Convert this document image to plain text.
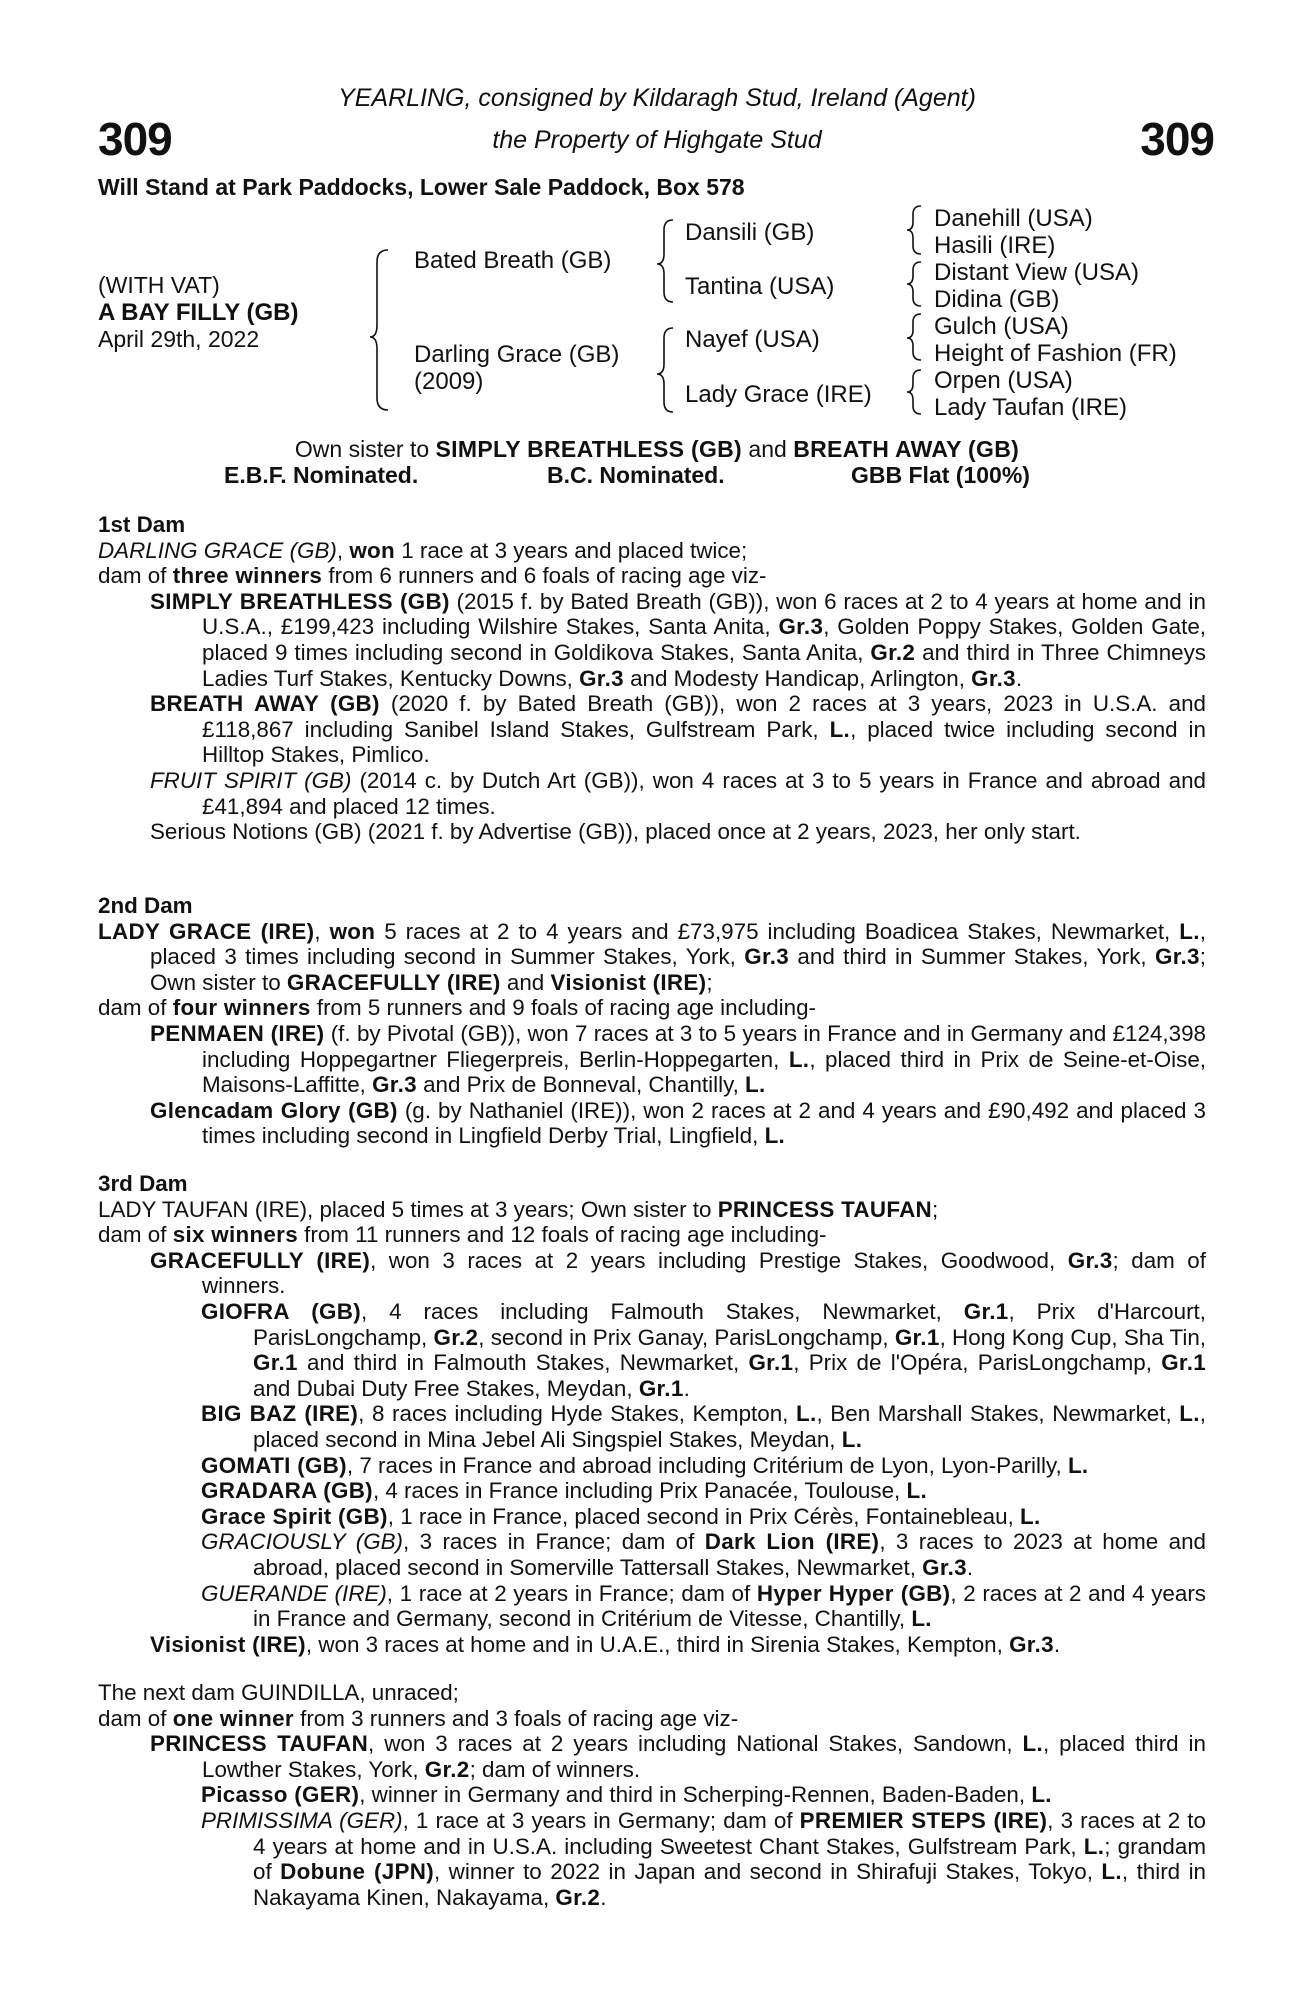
309	309
YEARLING, consigned by Kildaragh Stud, Ireland (Agent)
the Property of Highgate Stud
Will Stand at Park Paddocks, Lower Sale Paddock, Box 578
(WITH VAT)
A BAY FILLY (GB)
April 29th, 2022
Bated Breath (GB)
Darling Grace (GB)
(2009)
Dansili (GB)
Tantina (USA)
Nayef (USA)
Lady Grace (IRE)
Danehill (USA)
Hasili (IRE)
Distant View (USA)
Didina (GB)
Gulch (USA)
Height of Fashion (FR)
Orpen (USA)
Lady Taufan (IRE)
Own sister to SIMPLY BREATHLESS (GB) and BREATH AWAY (GB)
E.B.F. Nominated.	B.C. Nominated.	GBB Flat (100%)

1st Dam

DARLING GRACE (GB), won 1 race at 3 years and placed twice;

dam of three winners from 6 runners and 6 foals of racing age viz-

SIMPLY BREATHLESS (GB) (2015 f. by Bated Breath (GB)), won 6 races at 2 to 4 years at home and in U.S.A., £199,423 including Wilshire Stakes, Santa Anita, Gr.3, Golden Poppy Stakes, Golden Gate, placed 9 times including second in Goldikova Stakes, Santa Anita, Gr.2 and third in Three Chimneys Ladies Turf Stakes, Kentucky Downs, Gr.3 and Modesty Handicap, Arlington, Gr.3.

BREATH AWAY (GB) (2020 f. by Bated Breath (GB)), won 2 races at 3 years, 2023 in U.S.A. and £118,867 including Sanibel Island Stakes, Gulfstream Park, L., placed twice including second in Hilltop Stakes, Pimlico.

FRUIT SPIRIT (GB) (2014 c. by Dutch Art (GB)), won 4 races at 3 to 5 years in France and abroad and £41,894 and placed 12 times.

Serious Notions (GB) (2021 f. by Advertise (GB)), placed once at 2 years, 2023, her only start.

2nd Dam

LADY GRACE (IRE), won 5 races at 2 to 4 years and £73,975 including Boadicea Stakes, Newmarket, L., placed 3 times including second in Summer Stakes, York, Gr.3 and third in Summer Stakes, York, Gr.3; Own sister to GRACEFULLY (IRE) and Visionist (IRE);

dam of four winners from 5 runners and 9 foals of racing age including-

PENMAEN (IRE) (f. by Pivotal (GB)), won 7 races at 3 to 5 years in France and in Germany and £124,398 including Hoppegartner Fliegerpreis, Berlin-Hoppegarten, L., placed third in Prix de Seine-et-Oise, Maisons-Laffitte, Gr.3 and Prix de Bonneval, Chantilly, L.

Glencadam Glory (GB) (g. by Nathaniel (IRE)), won 2 races at 2 and 4 years and £90,492 and placed 3 times including second in Lingfield Derby Trial, Lingfield, L.

3rd Dam

LADY TAUFAN (IRE), placed 5 times at 3 years; Own sister to PRINCESS TAUFAN;

dam of six winners from 11 runners and 12 foals of racing age including-

GRACEFULLY (IRE), won 3 races at 2 years including Prestige Stakes, Goodwood, Gr.3; dam of winners.

GIOFRA (GB), 4 races including Falmouth Stakes, Newmarket, Gr.1, Prix d'Harcourt, ParisLongchamp, Gr.2, second in Prix Ganay, ParisLongchamp, Gr.1, Hong Kong Cup, Sha Tin, Gr.1 and third in Falmouth Stakes, Newmarket, Gr.1, Prix de l'Opéra, ParisLongchamp, Gr.1 and Dubai Duty Free Stakes, Meydan, Gr.1.

BIG BAZ (IRE), 8 races including Hyde Stakes, Kempton, L., Ben Marshall Stakes, Newmarket, L., placed second in Mina Jebel Ali Singspiel Stakes, Meydan, L.

GOMATI (GB), 7 races in France and abroad including Critérium de Lyon, Lyon-Parilly, L.

GRADARA (GB), 4 races in France including Prix Panacée, Toulouse, L.

Grace Spirit (GB), 1 race in France, placed second in Prix Cérès, Fontainebleau, L.

GRACIOUSLY (GB), 3 races in France; dam of Dark Lion (IRE), 3 races to 2023 at home and abroad, placed second in Somerville Tattersall Stakes, Newmarket, Gr.3.

GUERANDE (IRE), 1 race at 2 years in France; dam of Hyper Hyper (GB), 2 races at 2 and 4 years in France and Germany, second in Critérium de Vitesse, Chantilly, L.

Visionist (IRE), won 3 races at home and in U.A.E., third in Sirenia Stakes, Kempton, Gr.3.

The next dam GUINDILLA, unraced;

dam of one winner from 3 runners and 3 foals of racing age viz-

PRINCESS TAUFAN, won 3 races at 2 years including National Stakes, Sandown, L., placed third in Lowther Stakes, York, Gr.2; dam of winners.

Picasso (GER), winner in Germany and third in Scherping-Rennen, Baden-Baden, L.

PRIMISSIMA (GER), 1 race at 3 years in Germany; dam of PREMIER STEPS (IRE), 3 races at 2 to 4 years at home and in U.S.A. including Sweetest Chant Stakes, Gulfstream Park, L.; grandam of Dobune (JPN), winner to 2022 in Japan and second in Shirafuji Stakes, Tokyo, L., third in Nakayama Kinen, Nakayama, Gr.2.
